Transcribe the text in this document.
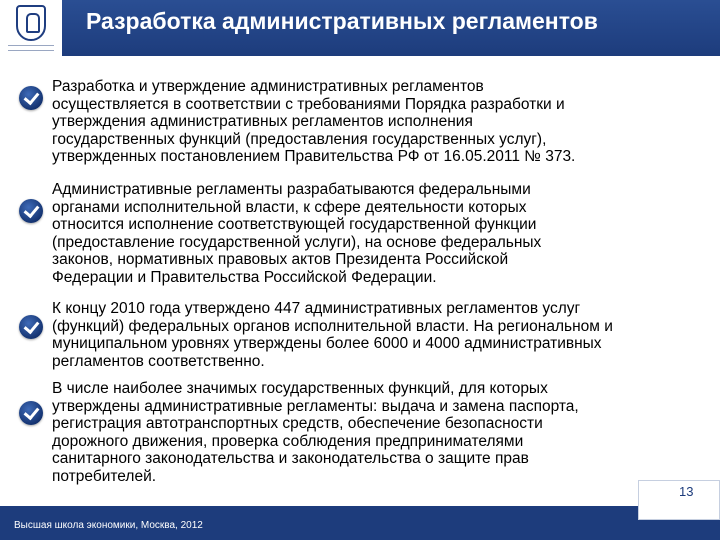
Разработка административных регламентов

Разработка и утверждение административных регламентов
осуществляется в соответствии с требованиями Порядка разработки и
утверждения административных регламентов исполнения
государственных функций (предоставления государственных услуг),
утвержденных постановлением Правительства РФ от 16.05.2011 № 373.

Административные регламенты разрабатываются федеральными
органами исполнительной власти, к сфере деятельности которых
относится исполнение соответствующей государственной функции
(предоставление государственной услуги), на основе федеральных
законов, нормативных правовых актов Президента Российской
Федерации и Правительства Российской Федерации.

К концу 2010 года утверждено 447 административных регламентов услуг
(функций) федеральных органов исполнительной власти. На региональном и
муниципальном уровнях утверждены более 6000 и 4000 административных
регламентов соответственно.

В числе наиболее значимых государственных функций, для которых
утверждены административные регламенты: выдача и замена паспорта,
регистрация автотранспортных средств, обеспечение безопасности
дорожного движения, проверка соблюдения предпринимателями
санитарного законодательства и законодательства о защите прав
потребителей.

Высшая школа экономики, Москва, 2012
13
